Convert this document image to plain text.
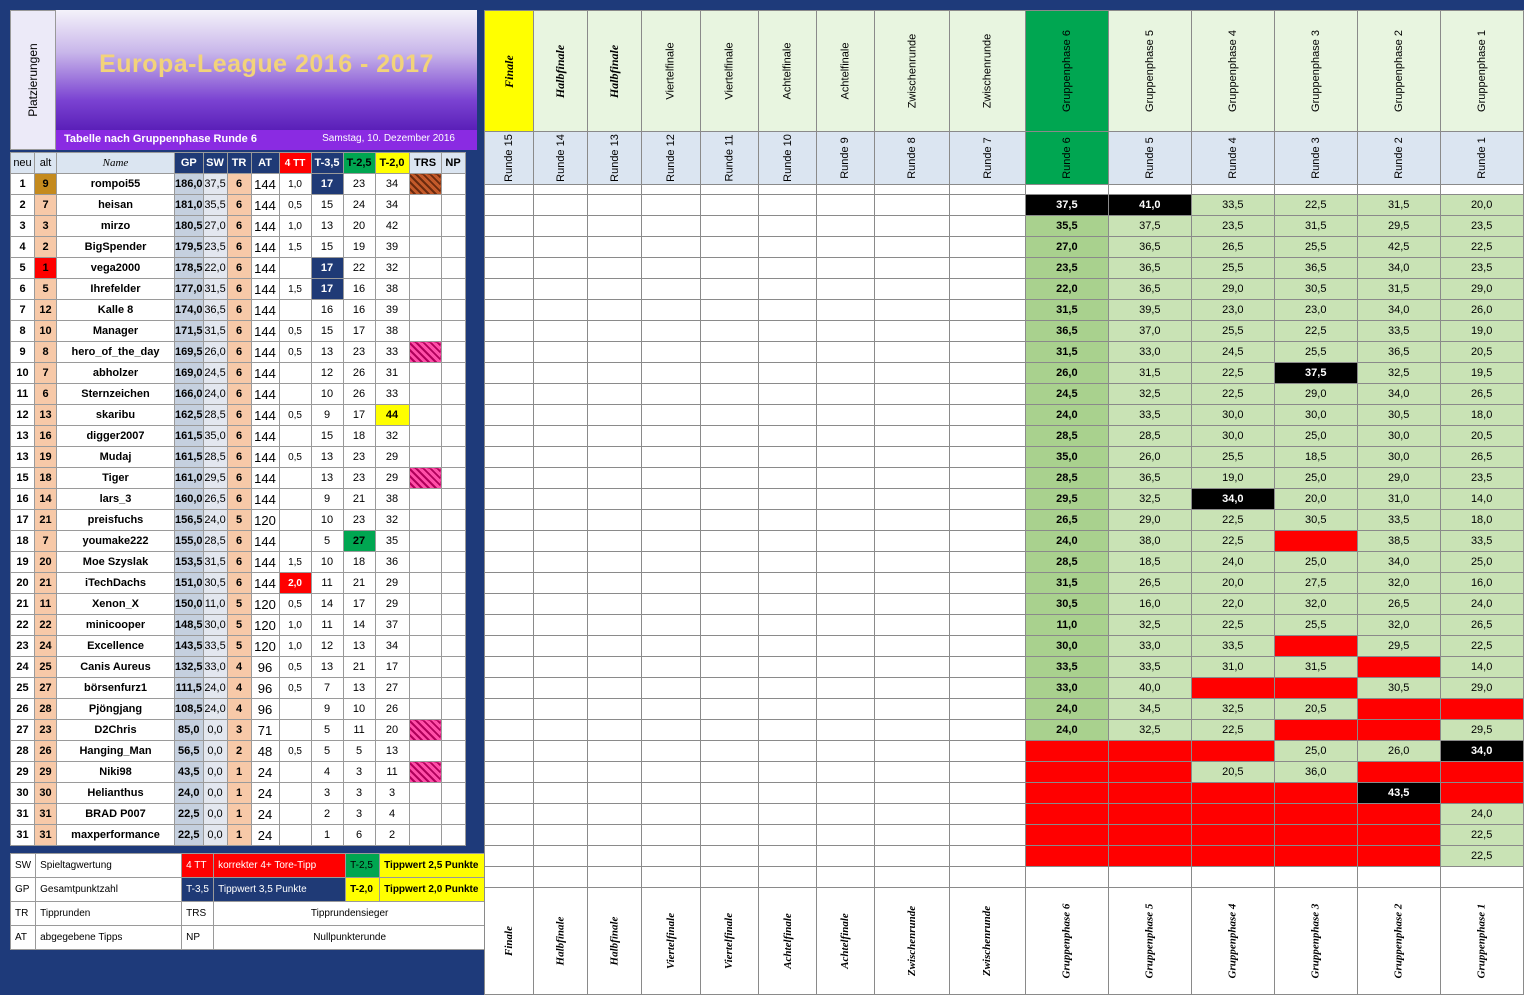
Platzierungen	Europa-League 2016 - 2017
Tabelle nach Gruppenphase Runde 6	Samstag, 10. Dezember 2016
neu	alt	Name	GP	SW	TR	AT	4 TT	T-3,5	T-2,5	T-2,0	TRS	NP
1	9	rompoi55	186,0	37,5	6	144	1,0	17	23	34		
2	7	heisan	181,0	35,5	6	144	0,5	15	24	34		
3	3	mirzo	180,5	27,0	6	144	1,0	13	20	42		
4	2	BigSpender	179,5	23,5	6	144	1,5	15	19	39		
5	1	vega2000	178,5	22,0	6	144		17	22	32		
6	5	Ihrefelder	177,0	31,5	6	144	1,5	17	16	38		
7	12	Kalle 8	174,0	36,5	6	144		16	16	39		
8	10	Manager	171,5	31,5	6	144	0,5	15	17	38		
9	8	hero_of_the_day	169,5	26,0	6	144	0,5	13	23	33		
10	7	abholzer	169,0	24,5	6	144		12	26	31		
11	6	Sternzeichen	166,0	24,0	6	144		10	26	33		
12	13	skaribu	162,5	28,5	6	144	0,5	9	17	44		
13	16	digger2007	161,5	35,0	6	144		15	18	32		
13	19	Mudaj	161,5	28,5	6	144	0,5	13	23	29		
15	18	Tiger	161,0	29,5	6	144		13	23	29		
16	14	lars_3	160,0	26,5	6	144		9	21	38		
17	21	preisfuchs	156,5	24,0	5	120		10	23	32		
18	7	youmake222	155,0	28,5	6	144		5	27	35		
19	20	Moe Szyslak	153,5	31,5	6	144	1,5	10	18	36		
20	21	iTechDachs	151,0	30,5	6	144	2,0	11	21	29		
21	11	Xenon_X	150,0	11,0	5	120	0,5	14	17	29		
22	22	minicooper	148,5	30,0	5	120	1,0	11	14	37		
23	24	Excellence	143,5	33,5	5	120	1,0	12	13	34		
24	25	Canis Aureus	132,5	33,0	4	96	0,5	13	21	17		
25	27	börsenfurz1	111,5	24,0	4	96	0,5	7	13	27		
26	28	Pjöngjang	108,5	24,0	4	96		9	10	26		
27	23	D2Chris	85,0	0,0	3	71		5	11	20		
28	26	Hanging_Man	56,5	0,0	2	48	0,5	5	5	13		
29	29	Niki98	43,5	0,0	1	24		4	3	11		
30	30	Helianthus	24,0	0,0	1	24		3	3	3		
31	31	BRAD P007	22,5	0,0	1	24		2	3	4		
31	31	maxperformance	22,5	0,0	1	24		1	6	2		
SW	Spieltagwertung	4 TT	korrekter 4+ Tore-Tipp	T-2,5	Tippwert 2,5 Punkte
GP	Gesamtpunktzahl	T-3,5	Tippwert 3,5 Punkte	T-2,0	Tippwert 2,0 Punkte
TR	Tipprunden	TRS	Tipprundensieger		
AT	abgegebene Tipps	NP	Nullpunkterunde		
Finale	Halbfinale	Halbfinale	Viertelfinale	Viertelfinale	Achtelfinale	Achtelfinale	Zwischenrunde	Zwischenrunde	Gruppenphase 6	Gruppenphase 5	Gruppenphase 4	Gruppenphase 3	Gruppenphase 2	Gruppenphase 1
Runde 15	Runde 14	Runde 13	Runde 12	Runde 11	Runde 10	Runde 9	Runde 8	Runde 7	Runde 6	Runde 5	Runde 4	Runde 3	Runde 2	Runde 1

									37,5	41,0	33,5	22,5	31,5	20,0
									35,5	37,5	23,5	31,5	29,5	23,5
									27,0	36,5	26,5	25,5	42,5	22,5
									23,5	36,5	25,5	36,5	34,0	23,5
									22,0	36,5	29,0	30,5	31,5	29,0
									31,5	39,5	23,0	23,0	34,0	26,0
									36,5	37,0	25,5	22,5	33,5	19,0
									31,5	33,0	24,5	25,5	36,5	20,5
									26,0	31,5	22,5	37,5	32,5	19,5
									24,5	32,5	22,5	29,0	34,0	26,5
									24,0	33,5	30,0	30,0	30,5	18,0
									28,5	28,5	30,0	25,0	30,0	20,5
									35,0	26,0	25,5	18,5	30,0	26,5
									28,5	36,5	19,0	25,0	29,0	23,5
									29,5	32,5	34,0	20,0	31,0	14,0
									26,5	29,0	22,5	30,5	33,5	18,0
									24,0	38,0	22,5		38,5	33,5
									28,5	18,5	24,0	25,0	34,0	25,0
									31,5	26,5	20,0	27,5	32,0	16,0
									30,5	16,0	22,0	32,0	26,5	24,0
									11,0	32,5	22,5	25,5	32,0	26,5
									30,0	33,0	33,5		29,5	22,5
									33,5	33,5	31,0	31,5		14,0
									33,0	40,0			30,5	29,0
									24,0	34,5	32,5	20,5		
									24,0	32,5	22,5			29,5
												25,0	26,0	34,0
											20,5	36,0		
													43,5	
														24,0
														22,5
														22,5

Finale	Halbfinale	Halbfinale	Viertelfinale	Viertelfinale	Achtelfinale	Achtelfinale	Zwischenrunde	Zwischenrunde	Gruppenphase 6	Gruppenphase 5	Gruppenphase 4	Gruppenphase 3	Gruppenphase 2	Gruppenphase 1
